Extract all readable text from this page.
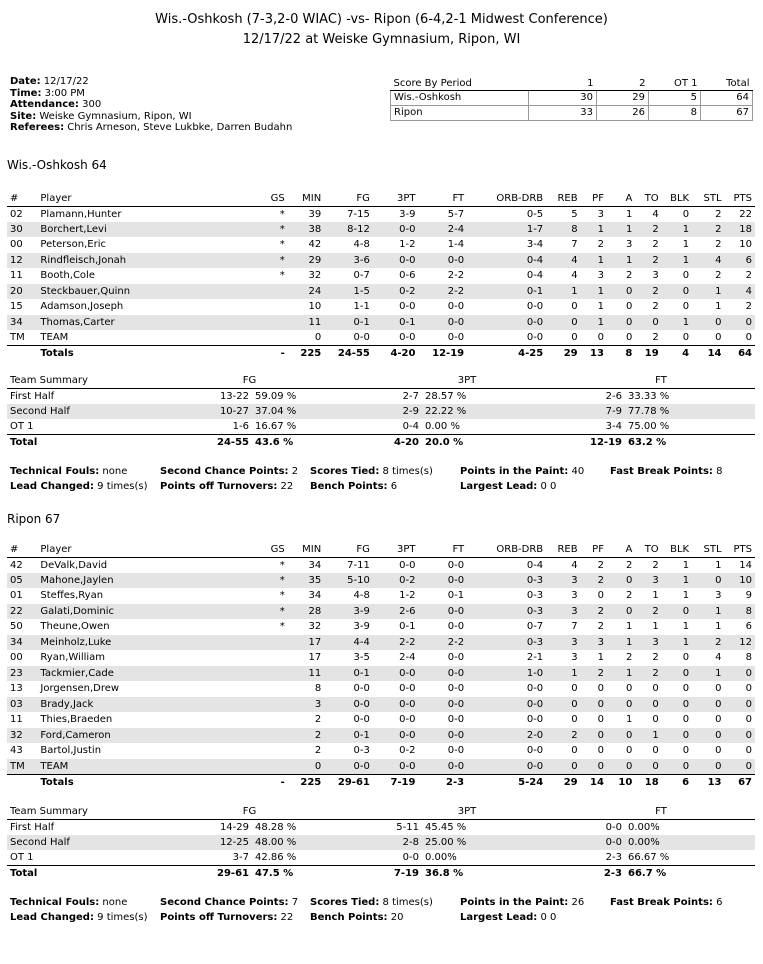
Wis.-Oshkosh (7-3,2-0 WIAC) -vs- Ripon (6-4,2-1 Midwest Conference)
12/17/22 at Weiske Gymnasium, Ripon, WI
Date: 12/17/22
Time: 3:00 PM
Attendance: 300
Site: Weiske Gymnasium, Ripon, WI
Referees: Chris Arneson, Steve Lukbke, Darren Budahn
Score By Period	1	2	OT 1	Total
Wis.-Oshkosh	30	29	5	64
Ripon	33	26	8	67
Wis.-Oshkosh 64
#	Player	GS	MIN	FG	3PT	FT	ORB-DRB	REB	PF	A	TO	BLK	STL	PTS
02	Plamann,Hunter	*	39	7-15	3-9	5-7	0-5	5	3	1	4	0	2	22
30	Borchert,Levi	*	38	8-12	0-0	2-4	1-7	8	1	1	2	1	2	18
00	Peterson,Eric	*	42	4-8	1-2	1-4	3-4	7	2	3	2	1	2	10
12	Rindfleisch,Jonah	*	29	3-6	0-0	0-0	0-4	4	1	1	2	1	4	6
11	Booth,Cole	*	32	0-7	0-6	2-2	0-4	4	3	2	3	0	2	2
20	Steckbauer,Quinn		24	1-5	0-2	2-2	0-1	1	1	0	2	0	1	4
15	Adamson,Joseph		10	1-1	0-0	0-0	0-0	0	1	0	2	0	1	2
34	Thomas,Carter		11	0-1	0-1	0-0	0-0	0	1	0	0	1	0	0
TM	TEAM		0	0-0	0-0	0-0	0-0	0	0	0	2	0	0	0
	Totals	-	225	24-55	4-20	12-19	4-25	29	13	8	19	4	14	64
Team Summary	FG		3PT		FT	
First Half	13-22	59.09 %	2-7	28.57 %	2-6	33.33 %
Second Half	10-27	37.04 %	2-9	22.22 %	7-9	77.78 %
OT 1	1-6	16.67 %	0-4	0.00 %	3-4	75.00 %
Total	24-55	43.6 %	4-20	20.0 %	12-19	63.2 %
Technical Fouls: none	Second Chance Points: 2	Scores Tied: 8 times(s)	Points in the Paint: 40	Fast Break Points: 8
Lead Changed: 9 times(s)	Points off Turnovers: 22	Bench Points: 6	Largest Lead: 0 0
Ripon 67
#	Player	GS	MIN	FG	3PT	FT	ORB-DRB	REB	PF	A	TO	BLK	STL	PTS
42	DeValk,David	*	34	7-11	0-0	0-0	0-4	4	2	2	2	1	1	14
05	Mahone,Jaylen	*	35	5-10	0-2	0-0	0-3	3	2	0	3	1	0	10
01	Steffes,Ryan	*	34	4-8	1-2	0-1	0-3	3	0	2	1	1	3	9
22	Galati,Dominic	*	28	3-9	2-6	0-0	0-3	3	2	0	2	0	1	8
50	Theune,Owen	*	32	3-9	0-1	0-0	0-7	7	2	1	1	1	1	6
34	Meinholz,Luke		17	4-4	2-2	2-2	0-3	3	3	1	3	1	2	12
00	Ryan,William		17	3-5	2-4	0-0	2-1	3	1	2	2	0	4	8
23	Tackmier,Cade		11	0-1	0-0	0-0	1-0	1	2	1	2	0	1	0
13	Jorgensen,Drew		8	0-0	0-0	0-0	0-0	0	0	0	0	0	0	0
03	Brady,Jack		3	0-0	0-0	0-0	0-0	0	0	0	0	0	0	0
11	Thies,Braeden		2	0-0	0-0	0-0	0-0	0	0	1	0	0	0	0
32	Ford,Cameron		2	0-1	0-0	0-0	2-0	2	0	0	1	0	0	0
43	Bartol,Justin		2	0-3	0-2	0-0	0-0	0	0	0	0	0	0	0
TM	TEAM		0	0-0	0-0	0-0	0-0	0	0	0	0	0	0	0
	Totals	-	225	29-61	7-19	2-3	5-24	29	14	10	18	6	13	67
Team Summary	FG		3PT		FT	
First Half	14-29	48.28 %	5-11	45.45 %	0-0	0.00%
Second Half	12-25	48.00 %	2-8	25.00 %	0-0	0.00%
OT 1	3-7	42.86 %	0-0	0.00%	2-3	66.67 %
Total	29-61	47.5 %	7-19	36.8 %	2-3	66.7 %
Technical Fouls: none	Second Chance Points: 7	Scores Tied: 8 times(s)	Points in the Paint: 26	Fast Break Points: 6
Lead Changed: 9 times(s)	Points off Turnovers: 22	Bench Points: 20	Largest Lead: 0 0
